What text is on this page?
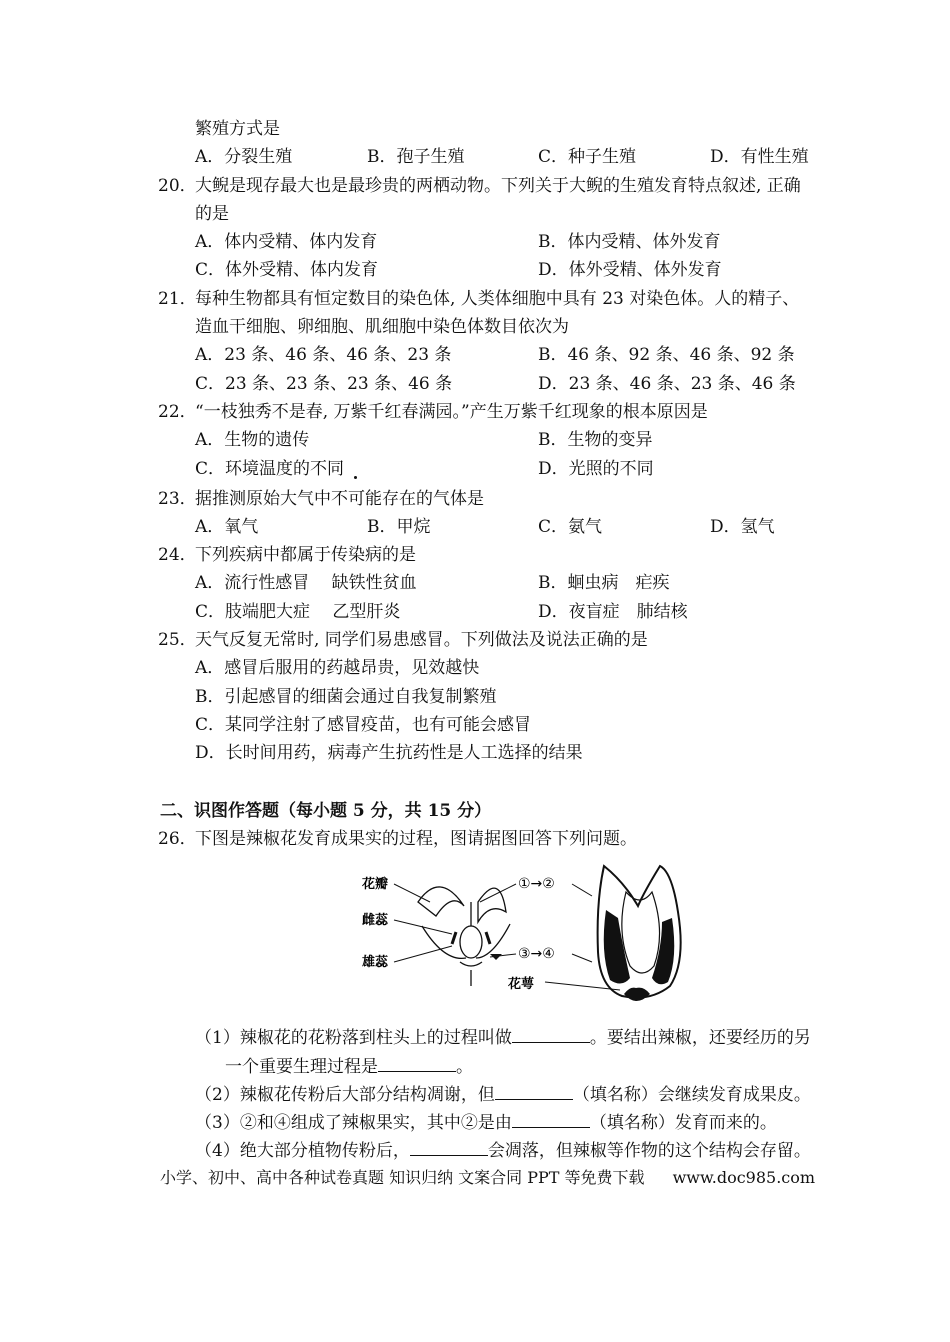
繁殖方式是
A．分裂生殖	B．孢子生殖	C．种子生殖	D．有性生殖
20．
大鲵是现存最大也是最珍贵的两栖动物。下列关于大鲵的生殖发育特点叙述, 正确
的是
A．体内受精、体内发育	B．体内受精、体外发育
C．体外受精、体内发育	D．体外受精、体外发育
21．
每种生物都具有恒定数目的染色体, 人类体细胞中具有 23 对染色体。人的精子、
造血干细胞、卵细胞、肌细胞中染色体数目依次为
A．23 条、46 条、46 条、23 条	B．46 条、92 条、46 条、92 条
C．23 条、23 条、23 条、46 条	D．23 条、46 条、23 条、46 条
22．
“一枝独秀不是春, 万紫千红春满园。”产生万紫千红现象的根本原因是
A．生物的遗传	B．生物的变异
C．环境温度的不同	D．光照的不同
23．
据推测原始大气中不可能存在的气体是
A．氧气	B．甲烷	C．氨气	D．氢气
24．
下列疾病中都属于传染病的是
A．流行性感冒　 缺铁性贫血	B．蛔虫病　疟疾
C．肢端肥大症　 乙型肝炎	D．夜盲症　肺结核
25．
天气反复无常时, 同学们易患感冒。下列做法及说法正确的是
A．感冒后服用的药越昂贵，见效越快
B．引起感冒的细菌会通过自我复制繁殖
C．某同学注射了感冒疫苗，也有可能会感冒
D．长时间用药，病毒产生抗药性是人工选择的结果
二、识图作答题（每小题 5 分，共 15 分）
26．
下图是辣椒花发育成果实的过程，图请据图回答下列问题。
花瓣
雌蕊
雄蕊
花萼
①→②
③→④
（1）辣椒花的花粉落到柱头上的过程叫做	。要结出辣椒，还要经历的另
一个重要生理过程是	。
（2）辣椒花传粉后大部分结构凋谢，但	（填名称）会继续发育成果皮。
（3）②和④组成了辣椒果实，其中②是由	（填名称）发育而来的。
（4）绝大部分植物传粉后，	会凋落，但辣椒等作物的这个结构会存留。
小学、初中、高中各种试卷真题 知识归纳 文案合同 PPT 等免费下载 www.doc985.com
